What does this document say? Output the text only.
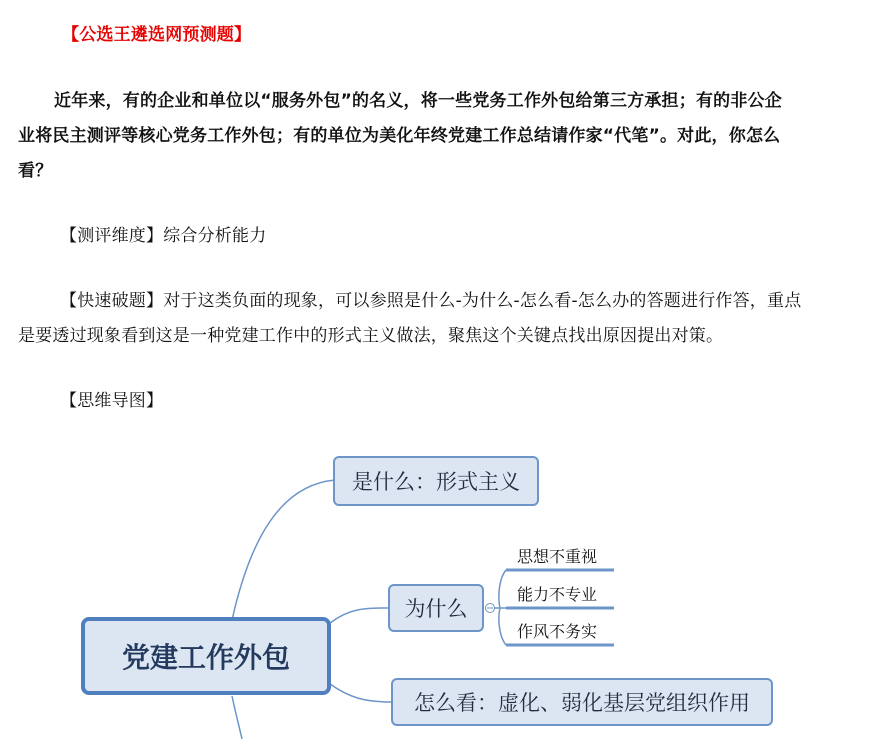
【公选王遴选网预测题】
近年来，有的企业和单位以“服务外包”的名义，将一些党务工作外包给第三方承担；有的非公企
业将民主测评等核心党务工作外包；有的单位为美化年终党建工作总结请作家“代笔”。对此，你怎么
看？
【测评维度】综合分析能力
【快速破题】对于这类负面的现象，可以参照是什么-为什么-怎么看-怎么办的答题进行作答，重点
是要透过现象看到这是一种党建工作中的形式主义做法，聚焦这个关键点找出原因提出对策。
【思维导图】
党建工作外包
是什么：形式主义
为什么
怎么看：虚化、弱化基层党组织作用
思想不重视
能力不专业
作风不务实
